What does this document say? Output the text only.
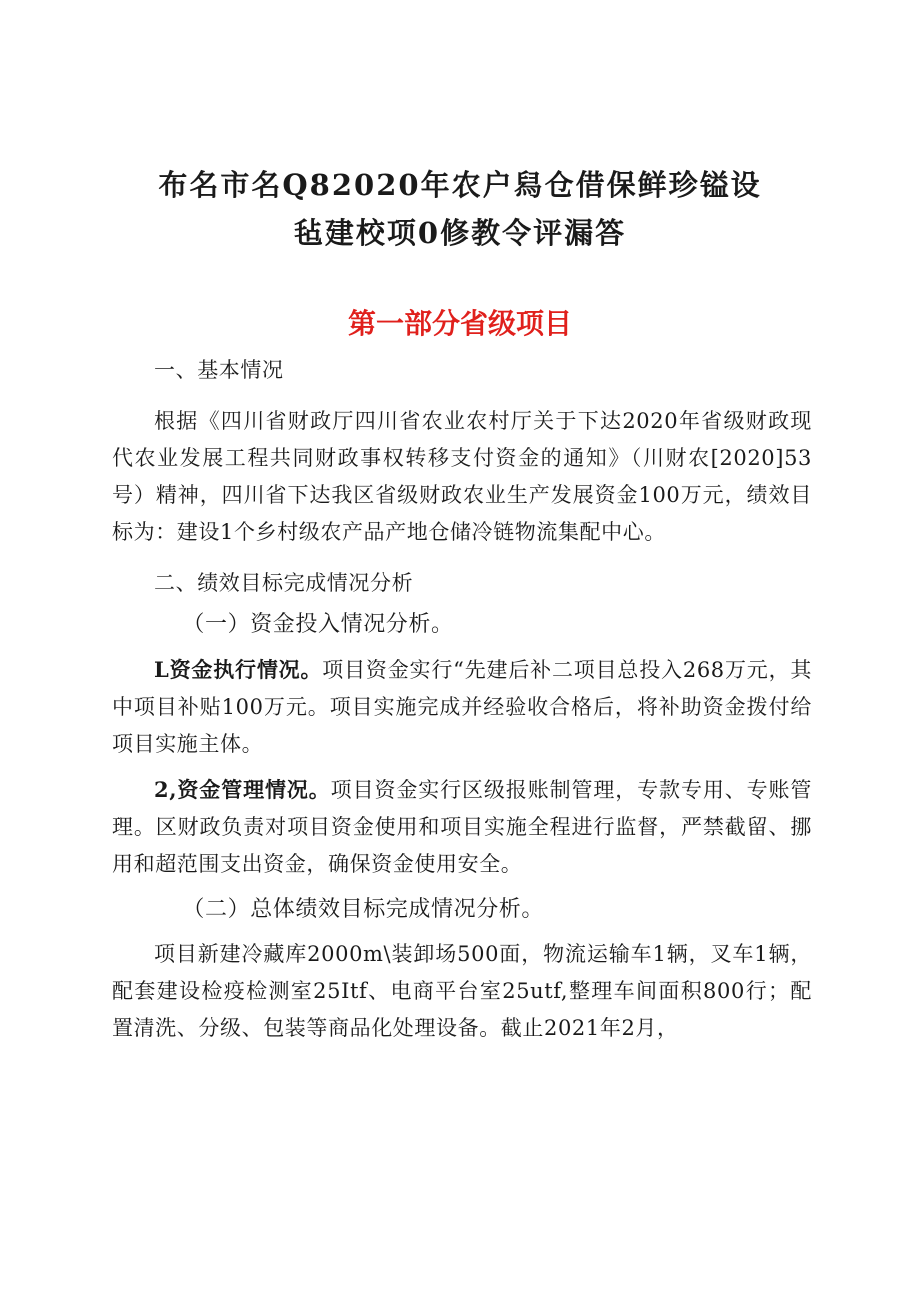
布名市名Q82020年农户舄仓借保鲜珍镒设
毡建校项0修教令评漏答
第一部分省级项目

一、基本情况

根据《四川省财政厅四川省农业农村厅关于下达2020年省级财政现代农业发展工程共同财政事权转移支付资金的通知》（川财农[2020]53号）精神，四川省下达我区省级财政农业生产发展资金100万元，绩效目标为：建设1个乡村级农产品产地仓储冷链物流集配中心。

二、绩效目标完成情况分析

（一）资金投入情况分析。

L资金执行情况。项目资金实行“先建后补二项目总投入268万元，其中项目补贴100万元。项目实施完成并经验收合格后，将补助资金拨付给项目实施主体。

2,资金管理情况。项目资金实行区级报账制管理，专款专用、专账管理。区财政负责对项目资金使用和项目实施全程进行监督，严禁截留、挪用和超范围支出资金，确保资金使用安全。

（二）总体绩效目标完成情况分析。

项目新建冷藏库2000m\装卸场500面，物流运输车1辆，叉车1辆，配套建设检疫检测室25Itf、电商平台室25utf,整理车间面积800行；配置清洗、分级、包装等商品化处理设备。截止2021年2月，
